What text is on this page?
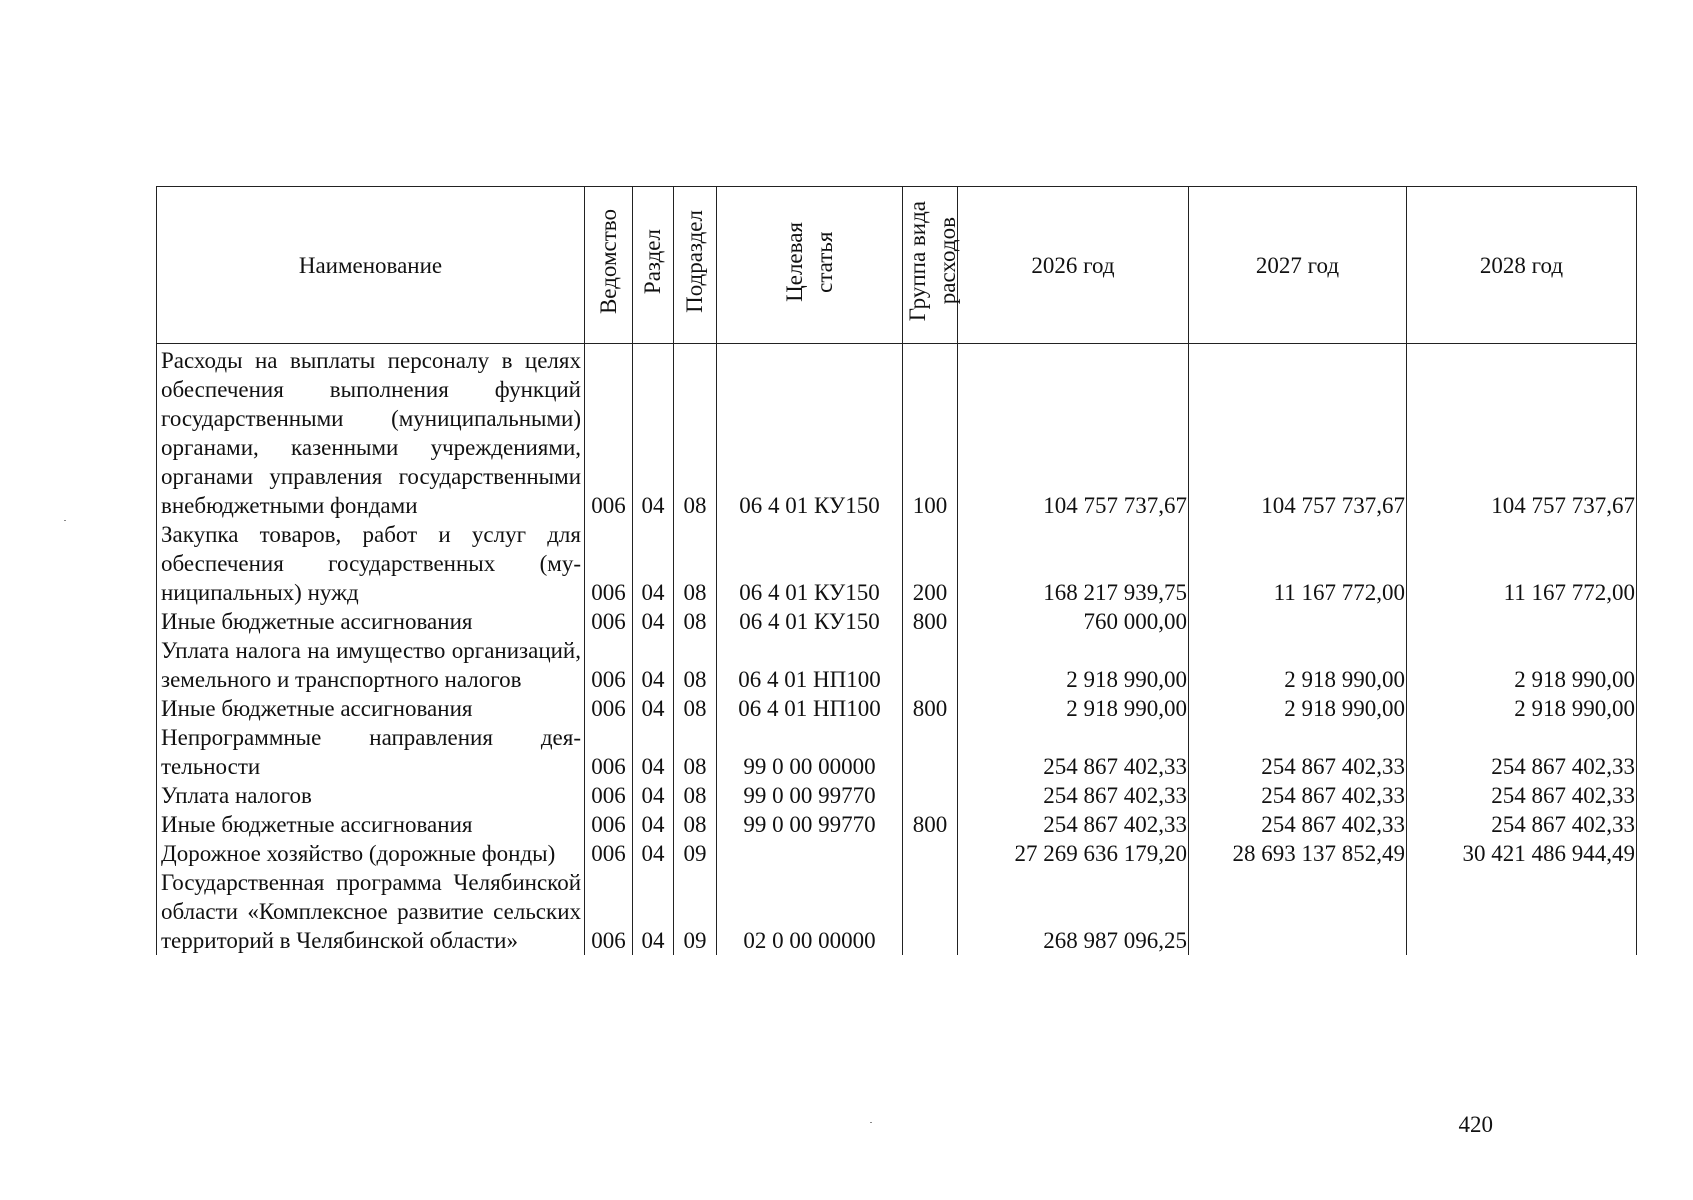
Наименование	Ведомство	Раздел	Подраздел	Целевая статья	Группа вида расходов	2026 год	2027 год	2028 год
Расходы на выплаты персоналу в целях обеспечения выполнения функций государственными (муниципальными) органами, казенными учреждениями, органами управления государственными внебюджетными фондами	006	04	08	06 4 01 КУ150	100	104 757 737,67	104 757 737,67	104 757 737,67
Закупка товаров, работ и услуг для обеспечения государственных (муниципальных) нужд	006	04	08	06 4 01 КУ150	200	168 217 939,75	11 167 772,00	11 167 772,00
Иные бюджетные ассигнования	006	04	08	06 4 01 КУ150	800	760 000,00		
Уплата налога на имущество организаций, земельного и транспортного налогов	006	04	08	06 4 01 НП100		2 918 990,00	2 918 990,00	2 918 990,00
Иные бюджетные ассигнования	006	04	08	06 4 01 НП100	800	2 918 990,00	2 918 990,00	2 918 990,00
Непрограммные направления деятельности	006	04	08	99 0 00 00000		254 867 402,33	254 867 402,33	254 867 402,33
Уплата налогов	006	04	08	99 0 00 99770		254 867 402,33	254 867 402,33	254 867 402,33
Иные бюджетные ассигнования	006	04	08	99 0 00 99770	800	254 867 402,33	254 867 402,33	254 867 402,33
Дорожное хозяйство (дорожные фонды)	006	04	09			27 269 636 179,20	28 693 137 852,49	30 421 486 944,49
Государственная программа Челябинской области «Комплексное развитие сельских территорий в Челябинской области»	006	04	09	02 0 00 00000		268 987 096,25		
420
